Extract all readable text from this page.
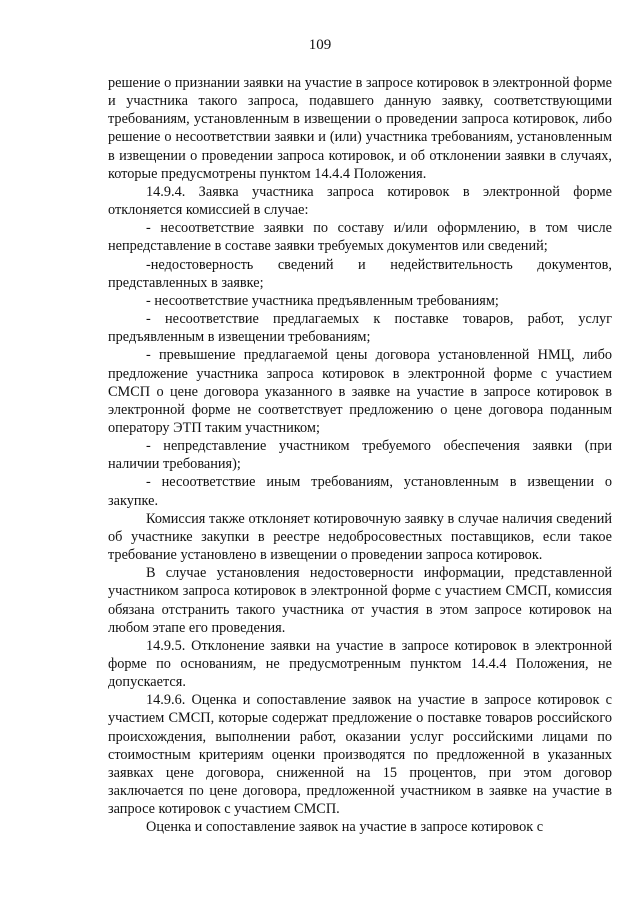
109

решение о признании заявки на участие в запросе котировок в электронной форме и участника такого запроса, подавшего данную заявку, соответствующими требованиям, установленным в извещении о проведении запроса котировок, либо решение о несоответствии заявки и (или) участника требованиям, установленным в извещении о проведении запроса котировок, и об отклонении заявки в случаях, которые предусмотрены пунктом 14.4.4 Положения.

14.9.4. Заявка участника запроса котировок в электронной форме отклоняется комиссией в случае:

- несоответствие заявки по составу и/или оформлению, в том числе непредставление в составе заявки требуемых документов или сведений;

-недостоверность сведений и недействительность документов, представленных в заявке;

- несоответствие участника предъявленным требованиям;

- несоответствие предлагаемых к поставке товаров, работ, услуг предъявленным в извещении требованиям;

- превышение предлагаемой цены договора установленной НМЦ, либо предложение участника запроса котировок в электронной форме с участием СМСП о цене договора указанного в заявке на участие в запросе котировок в электронной форме не соответствует предложению о цене договора поданным оператору ЭТП таким участником;

- непредставление участником требуемого обеспечения заявки (при наличии требования);

- несоответствие иным требованиям, установленным в извещении о закупке.

Комиссия также отклоняет котировочную заявку в случае наличия сведений об участнике закупки в реестре недобросовестных поставщиков, если такое требование установлено в извещении о проведении запроса котировок.

В случае установления недостоверности информации, представленной участником запроса котировок в электронной форме с участием СМСП, комиссия обязана отстранить такого участника от участия в этом запросе котировок на любом этапе его проведения.

14.9.5. Отклонение заявки на участие в запросе котировок в электронной форме по основаниям, не предусмотренным пунктом 14.4.4 Положения, не допускается.

14.9.6. Оценка и сопоставление заявок на участие в запросе котировок с участием СМСП, которые содержат предложение о поставке товаров российского происхождения, выполнении работ, оказании услуг российскими лицами по стоимостным критериям оценки производятся по предложенной в указанных заявках цене договора, сниженной на 15 процентов, при этом договор заключается по цене договора, предложенной участником в заявке на участие в запросе котировок с участием СМСП.

Оценка и сопоставление заявок на участие в запросе котировок с
